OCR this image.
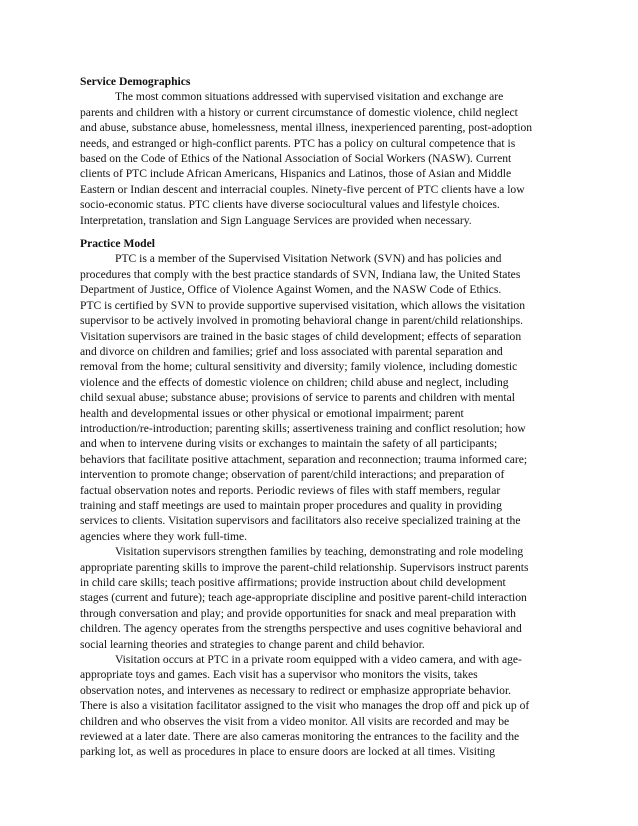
Service Demographics

The most common situations addressed with supervised visitation and exchange are

parents and children with a history or current circumstance of domestic violence, child neglect

and abuse, substance abuse, homelessness, mental illness, inexperienced parenting, post-adoption

needs, and estranged or high-conflict parents. PTC has a policy on cultural competence that is

based on the Code of Ethics of the National Association of Social Workers (NASW). Current

clients of PTC include African Americans, Hispanics and Latinos, those of Asian and Middle

Eastern or Indian descent and interracial couples. Ninety-five percent of PTC clients have a low

socio-economic status. PTC clients have diverse sociocultural values and lifestyle choices.

Interpretation, translation and Sign Language Services are provided when necessary.

Practice Model

PTC is a member of the Supervised Visitation Network (SVN) and has policies and

procedures that comply with the best practice standards of SVN, Indiana law, the United States

Department of Justice, Office of Violence Against Women, and the NASW Code of Ethics.

PTC is certified by SVN to provide supportive supervised visitation, which allows the visitation

supervisor to be actively involved in promoting behavioral change in parent/child relationships.

Visitation supervisors are trained in the basic stages of child development; effects of separation

and divorce on children and families; grief and loss associated with parental separation and

removal from the home; cultural sensitivity and diversity; family violence, including domestic

violence and the effects of domestic violence on children; child abuse and neglect, including

child sexual abuse; substance abuse; provisions of service to parents and children with mental

health and developmental issues or other physical or emotional impairment; parent

introduction/re-introduction; parenting skills; assertiveness training and conflict resolution; how

and when to intervene during visits or exchanges to maintain the safety of all participants;

behaviors that facilitate positive attachment, separation and reconnection; trauma informed care;

intervention to promote change; observation of parent/child interactions; and preparation of

factual observation notes and reports. Periodic reviews of files with staff members, regular

training and staff meetings are used to maintain proper procedures and quality in providing

services to clients. Visitation supervisors and facilitators also receive specialized training at the

agencies where they work full-time.

Visitation supervisors strengthen families by teaching, demonstrating and role modeling

appropriate parenting skills to improve the parent-child relationship. Supervisors instruct parents

in child care skills; teach positive affirmations; provide instruction about child development

stages (current and future); teach age-appropriate discipline and positive parent-child interaction

through conversation and play; and provide opportunities for snack and meal preparation with

children. The agency operates from the strengths perspective and uses cognitive behavioral and

social learning theories and strategies to change parent and child behavior.

Visitation occurs at PTC in a private room equipped with a video camera, and with age-

appropriate toys and games. Each visit has a supervisor who monitors the visits, takes

observation notes, and intervenes as necessary to redirect or emphasize appropriate behavior.

There is also a visitation facilitator assigned to the visit who manages the drop off and pick up of

children and who observes the visit from a video monitor. All visits are recorded and may be

reviewed at a later date. There are also cameras monitoring the entrances to the facility and the

parking lot, as well as procedures in place to ensure doors are locked at all times. Visiting
